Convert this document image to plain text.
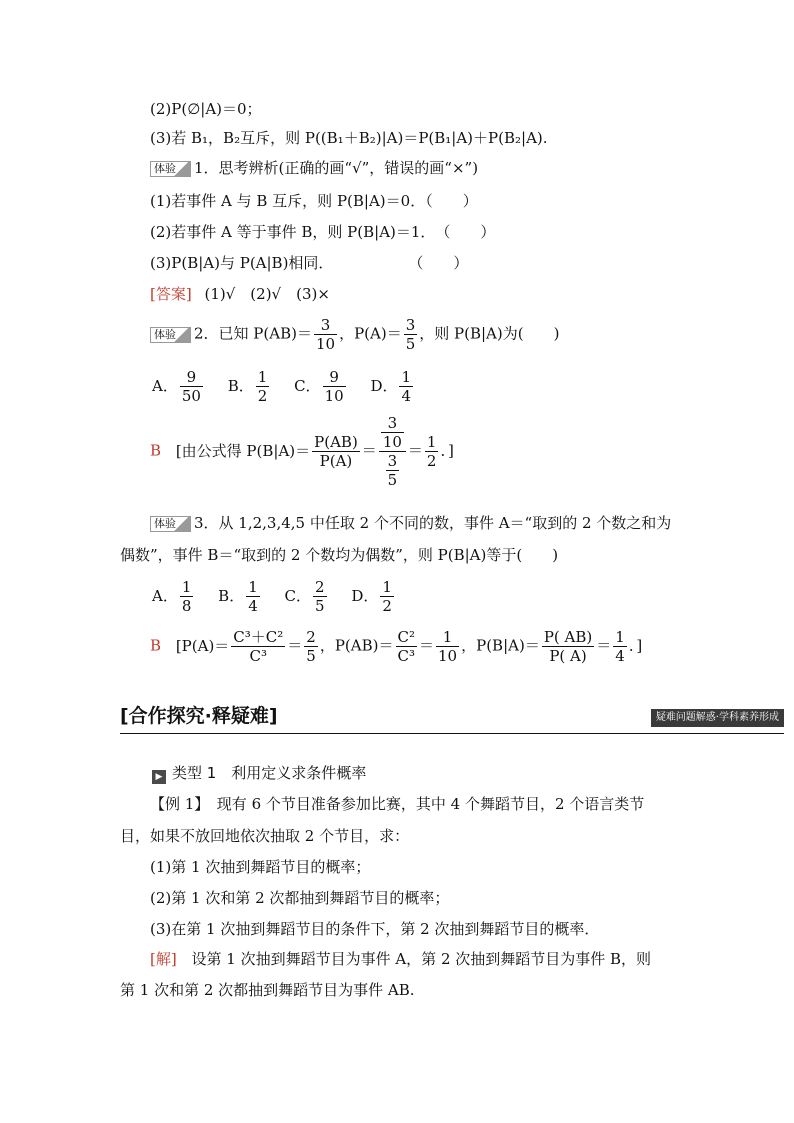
(2)P(∅|A)＝0；
(3)若 B₁，B₂互斥，则 P((B₁＋B₂)|A)＝P(B₁|A)＋P(B₂|A).
体验 1．思考辨析(正确的画“√”，错误的画“×”)
(1)若事件 A 与 B 互斥，则 P(B|A)＝0．（　　）
(2)若事件 A 等于事件 B，则 P(B|A)＝1．　（　　）
(3)P(B|A)与 P(A|B)相同．　　　　　　（　　）
[答案] (1)√　(2)√　(3)×
体验 2．已知 $P(AB)= \frac{3}{10}$ ，$P(A)= \frac{3}{5}$ ，则 P(B|A)为(　　)
A． $\frac{9}{50}$ B． $\frac{1}{2}$ C． $\frac{9}{10}$ D． $\frac{1}{4}$
B [由公式得 $P(B|A)= \frac{P(AB)}{P(A)} = \frac{\frac{3}{10}}{\frac{3}{5}} = \frac{1}{2}$ ．]
体验 3．从 1,2,3,4,5 中任取 2 个不同的数，事件 A＝“取到的 2 个数之和为
偶数”，事件 B＝“取到的 2 个数均为偶数”，则 P(B|A)等于(　　)
A． $\frac{1}{8}$ B． $\frac{1}{4}$ C． $\frac{2}{5}$ D． $\frac{1}{2}$
B [$P(A)= \frac{\text{C³＋C²}}{\text{C³}} = \frac{2}{5}$ ，$P(AB)= \frac{\text{C²}}{\text{C³}} = \frac{1}{10}$ ，$P(B|A)= \frac{P( AB)}{P( A)} = \frac{1}{4}$ ．]
[合作探究·释疑难]	疑难问题解惑·学科素养形成
▶ 类型 1　利用定义求条件概率
【例 1】　现有 6 个节目准备参加比赛，其中 4 个舞蹈节目，2 个语言类节
目，如果不放回地依次抽取 2 个节目，求：
(1)第 1 次抽到舞蹈节目的概率；
(2)第 1 次和第 2 次都抽到舞蹈节目的概率；
(3)在第 1 次抽到舞蹈节目的条件下，第 2 次抽到舞蹈节目的概率．
[解] 设第 1 次抽到舞蹈节目为事件 A，第 2 次抽到舞蹈节目为事件 B，则
第 1 次和第 2 次都抽到舞蹈节目为事件 AB.
